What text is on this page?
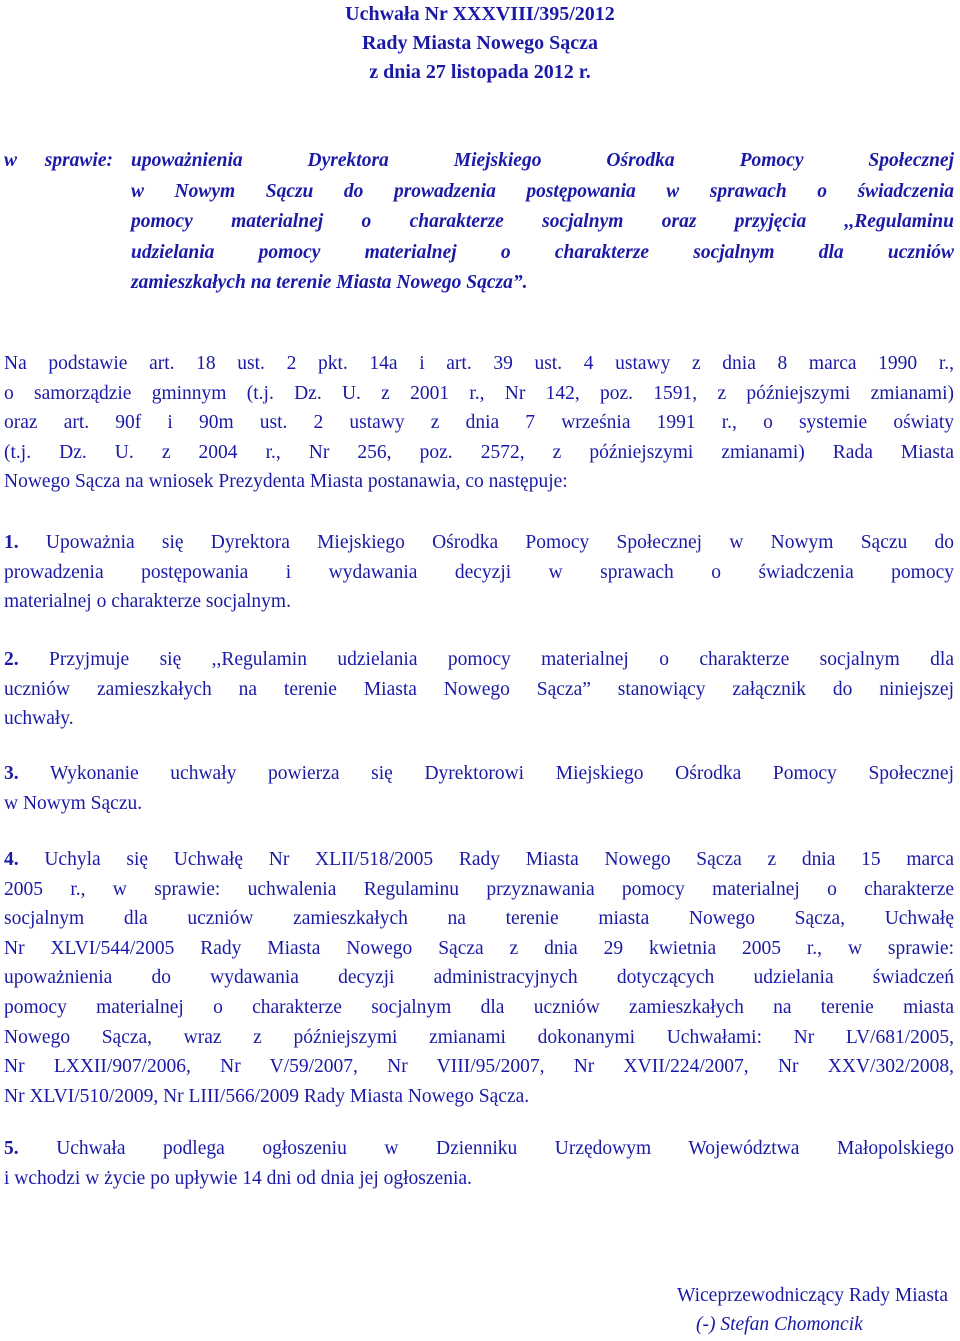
Uchwała Nr XXXVIII/395/2012
Rady Miasta Nowego Sącza
z dnia 27 listopada 2012 r.
w sprawie: upoważnienia Dyrektora Miejskiego Ośrodka Pomocy Społecznej
w Nowym Sączu do prowadzenia postępowania w sprawach o świadczenia
pomocy materialnej o charakterze socjalnym oraz przyjęcia ,,Regulaminu
udzielania pomocy materialnej o charakterze socjalnym dla uczniów
zamieszkałych na terenie Miasta Nowego Sącza”.
Na podstawie art. 18 ust. 2 pkt. 14a i art. 39 ust. 4 ustawy z dnia 8 marca 1990 r.,
o samorządzie gminnym (t.j. Dz. U. z 2001 r., Nr 142, poz. 1591, z późniejszymi zmianami)
oraz art. 90f i 90m ust. 2 ustawy z dnia 7 września 1991 r., o systemie oświaty
(t.j. Dz. U. z 2004 r., Nr 256, poz. 2572, z późniejszymi zmianami) Rada Miasta
Nowego Sącza na wniosek Prezydenta Miasta postanawia, co następuje:
1. Upoważnia się Dyrektora Miejskiego Ośrodka Pomocy Społecznej w Nowym Sączu do
prowadzenia postępowania i wydawania decyzji w sprawach o świadczenia pomocy
materialnej o charakterze socjalnym.
2. Przyjmuje się ,,Regulamin udzielania pomocy materialnej o charakterze socjalnym dla
uczniów zamieszkałych na terenie Miasta Nowego Sącza” stanowiący załącznik do niniejszej
uchwały.
3. Wykonanie uchwały powierza się Dyrektorowi Miejskiego Ośrodka Pomocy Społecznej
w Nowym Sączu.
4. Uchyla się Uchwałę Nr XLII/518/2005 Rady Miasta Nowego Sącza z dnia 15 marca
2005 r., w sprawie: uchwalenia Regulaminu przyznawania pomocy materialnej o charakterze
socjalnym dla uczniów zamieszkałych na terenie miasta Nowego Sącza, Uchwałę
Nr XLVI/544/2005 Rady Miasta Nowego Sącza z dnia 29 kwietnia 2005 r., w sprawie:
upoważnienia do wydawania decyzji administracyjnych dotyczących udzielania świadczeń
pomocy materialnej o charakterze socjalnym dla uczniów zamieszkałych na terenie miasta
Nowego Sącza, wraz z późniejszymi zmianami dokonanymi Uchwałami: Nr LV/681/2005,
Nr LXXII/907/2006, Nr V/59/2007, Nr VIII/95/2007, Nr XVII/224/2007, Nr XXV/302/2008,
Nr XLVI/510/2009, Nr LIII/566/2009 Rady Miasta Nowego Sącza.
5. Uchwała podlega ogłoszeniu w Dzienniku Urzędowym Województwa Małopolskiego
i wchodzi w życie po upływie 14 dni od dnia jej ogłoszenia.
Wiceprzewodniczący Rady Miasta
(-) Stefan Chomoncik
